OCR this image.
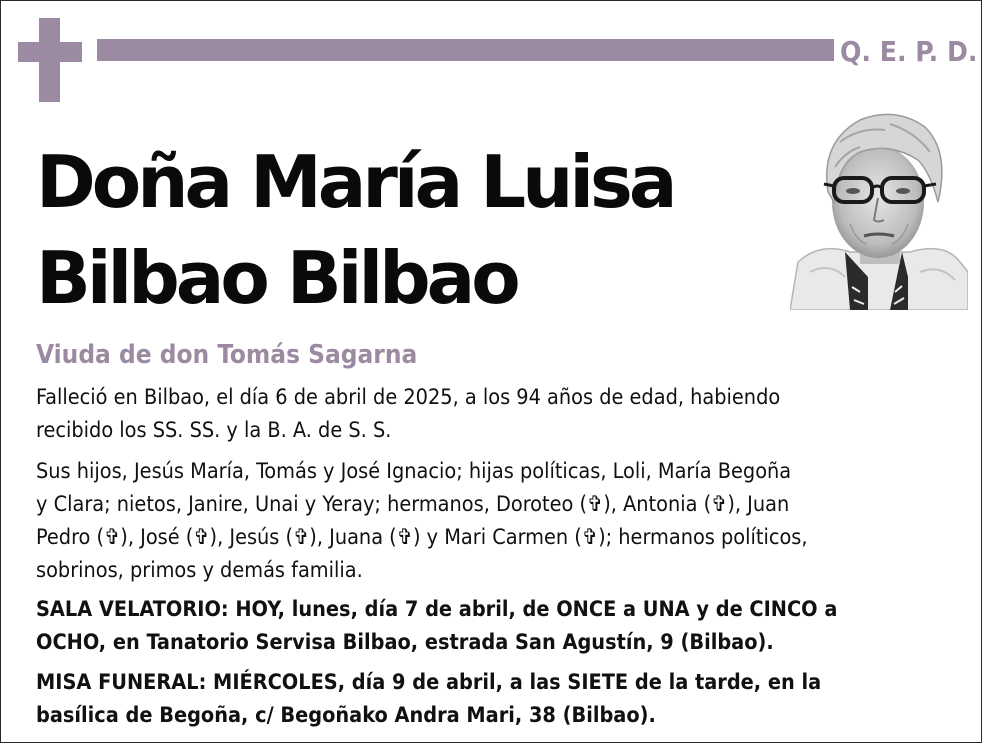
Q. E. P. D.
Doña María Luisa
Bilbao Bilbao
Viuda de don Tomás Sagarna

Falleció en Bilbao, el día 6 de abril de 2025, a los 94 años de edad, habiendo
recibido los SS. SS. y la B. A. de S. S.

Sus hijos, Jesús María, Tomás y José Ignacio; hijas políticas, Loli, María Begoña
y Clara; nietos, Janire, Unai y Yeray; hermanos, Doroteo (✞), Antonia (✞), Juan
Pedro (✞), José (✞), Jesús (✞), Juana (✞) y Mari Carmen (✞); hermanos políticos,
sobrinos, primos y demás familia.

SALA VELATORIO: HOY, lunes, día 7 de abril, de ONCE a UNA y de CINCO a
OCHO, en Tanatorio Servisa Bilbao, estrada San Agustín, 9 (Bilbao).

MISA FUNERAL: MIÉRCOLES, día 9 de abril, a las SIETE de la tarde, en la
basílica de Begoña, c/ Begoñako Andra Mari, 38 (Bilbao).
